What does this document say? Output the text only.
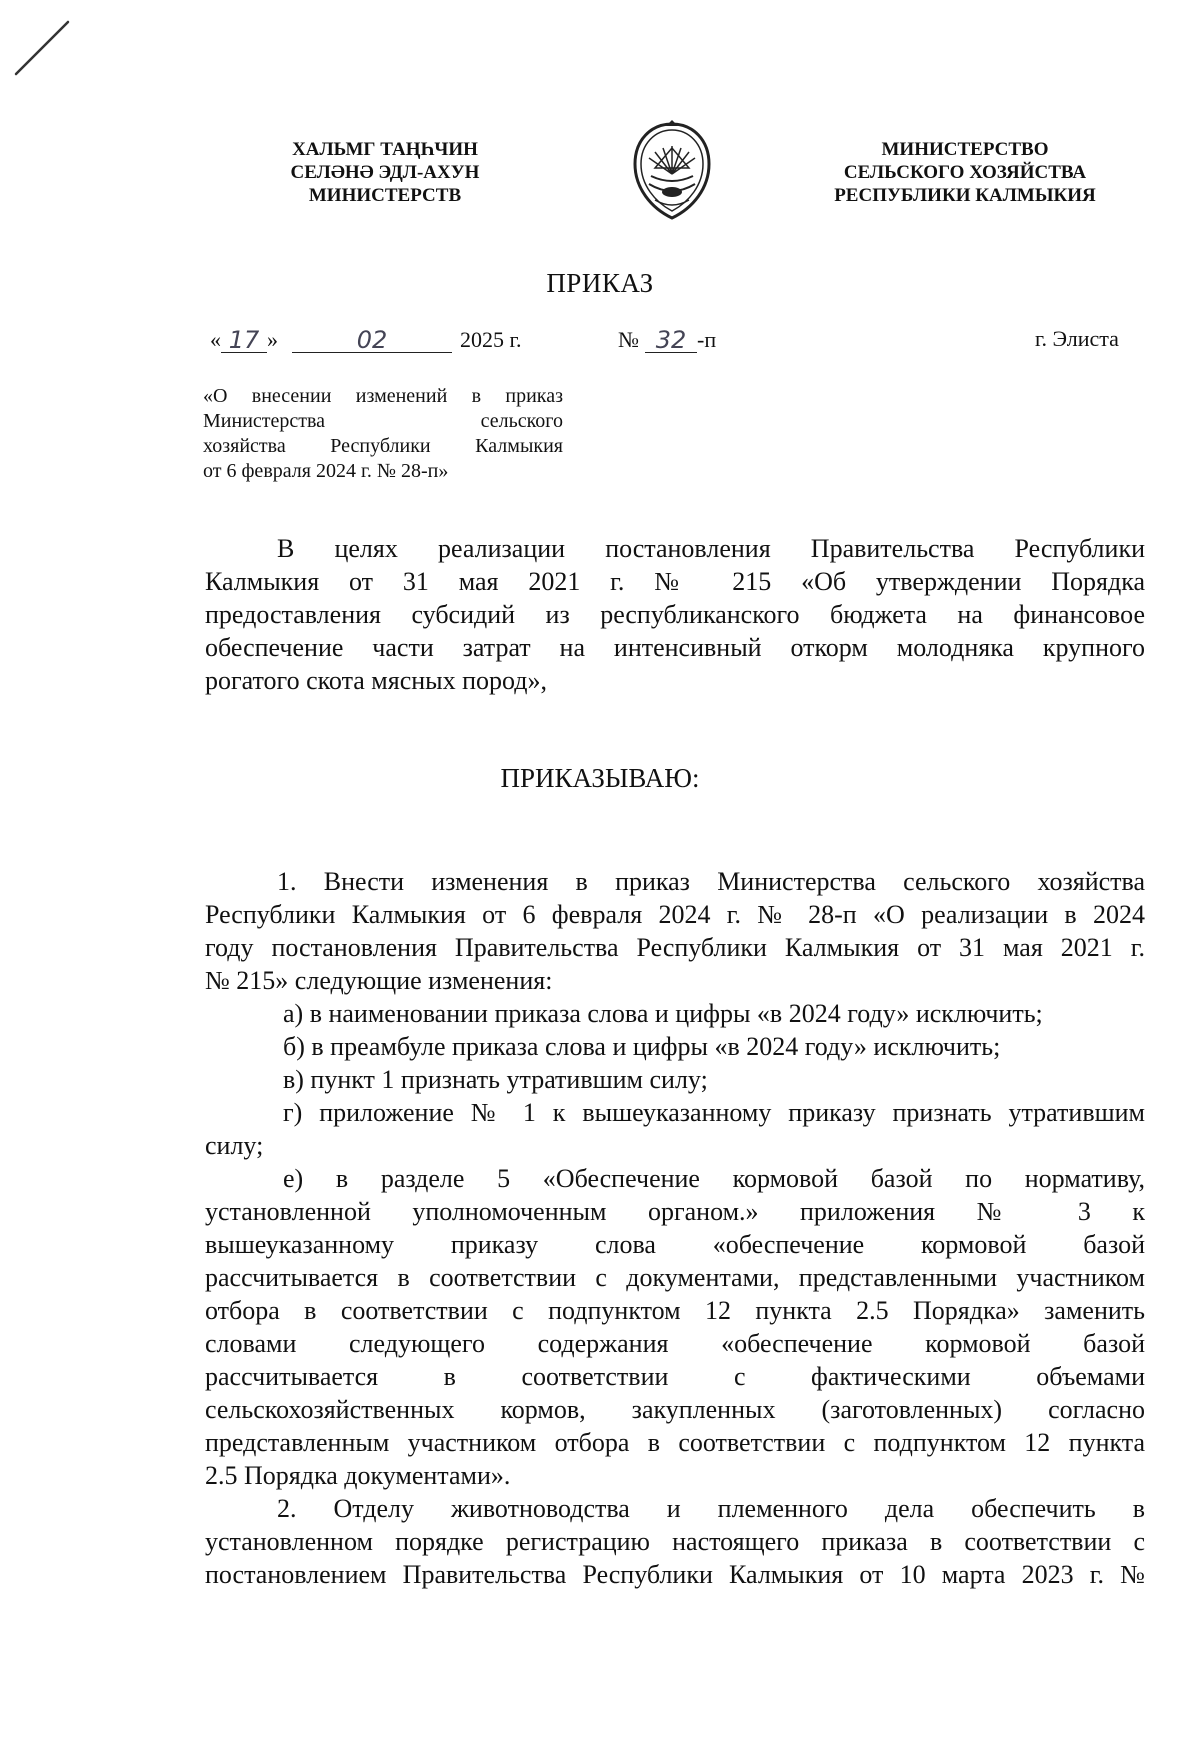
ХАЛЬМГ ТАҢҺЧИН
СЕЛӘНӘ ЭДЛ-АХУН
МИНИСТЕРСТВ
МИНИСТЕРСТВО
СЕЛЬСКОГО ХОЗЯЙСТВА
РЕСПУБЛИКИ КАЛМЫКИЯ
ПРИКАЗ
« 17 »	02	2025 г.	№ 32 -п	г. Элиста
«О внесении изменений в приказ
Министерства сельского
хозяйства Республики Калмыкия
от 6 февраля 2024 г. № 28-п»
В целях реализации постановления Правительства Республики
Калмыкия от 31 мая 2021 г. № 215 «Об утверждении Порядка
предоставления субсидий из республиканского бюджета на финансовое
обеспечение части затрат на интенсивный откорм молодняка крупного
рогатого скота мясных пород»,
ПРИКАЗЫВАЮ:
1. Внести изменения в приказ Министерства сельского хозяйства
Республики Калмыкия от 6 февраля 2024 г. № 28-п «О реализации в 2024
году постановления Правительства Республики Калмыкия от 31 мая 2021 г.
№ 215» следующие изменения:
а) в наименовании приказа слова и цифры «в 2024 году» исключить;
б) в преамбуле приказа слова и цифры «в 2024 году» исключить;
в) пункт 1 признать утратившим силу;
г) приложение № 1 к вышеуказанному приказу признать утратившим
силу;
е) в разделе 5 «Обеспечение кормовой базой по нормативу,
установленной уполномоченным органом.» приложения № 3 к
вышеуказанному приказу слова «обеспечение кормовой базой
рассчитывается в соответствии с документами, представленными участником
отбора в соответствии с подпунктом 12 пункта 2.5 Порядка» заменить
словами следующего содержания «обеспечение кормовой базой
рассчитывается в соответствии с фактическими объемами
сельскохозяйственных кормов, закупленных (заготовленных) согласно
представленным участником отбора в соответствии с подпунктом 12 пункта
2.5 Порядка документами».
2. Отделу животноводства и племенного дела обеспечить в
установленном порядке регистрацию настоящего приказа в соответствии с
постановлением Правительства Республики Калмыкия от 10 марта 2023 г. №
